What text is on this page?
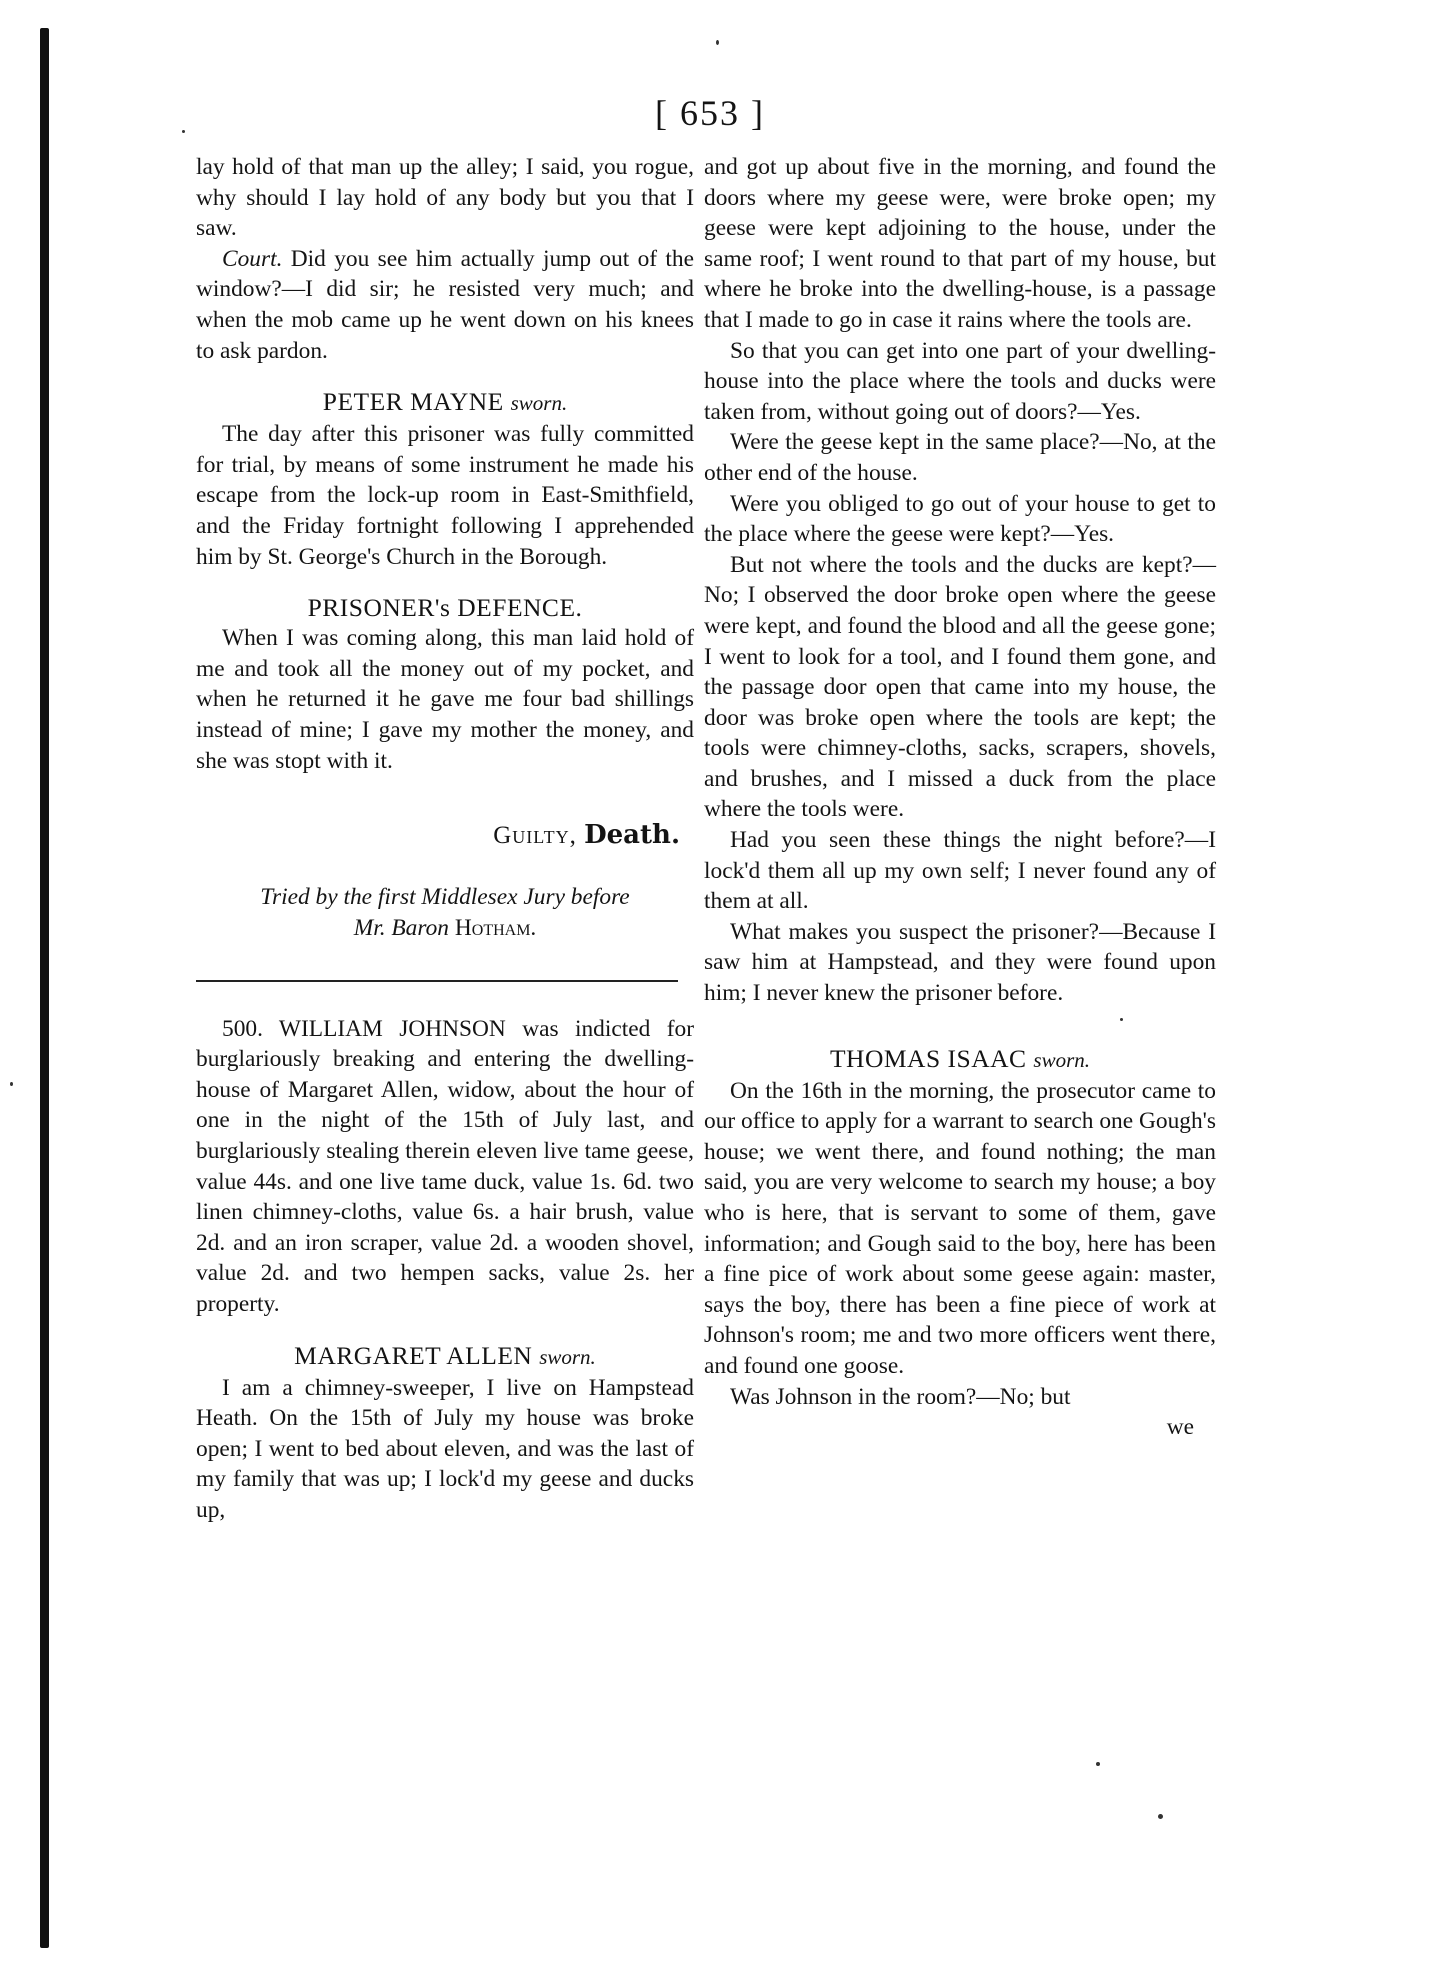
[ 653 ]

lay hold of that man up the alley; I said, you rogue, why should I lay hold of any body but you that I saw.

Court. Did you see him actually jump out of the window?—I did sir; he resisted very much; and when the mob came up he went down on his knees to ask pardon.

PETER MAYNE sworn.

The day after this prisoner was fully committed for trial, by means of some instrument he made his escape from the lock-up room in East-Smithfield, and the Friday fortnight following I apprehended him by St. George's Church in the Borough.

PRISONER's DEFENCE.

When I was coming along, this man laid hold of me and took all the money out of my pocket, and when he returned it he gave me four bad shillings instead of mine; I gave my mother the money, and she was stopt with it.

Guilty, Death.

Tried by the first Middlesex Jury before
Mr. Baron Hotham.

500. WILLIAM JOHNSON was indicted for burglariously breaking and entering the dwelling-house of Margaret Allen, widow, about the hour of one in the night of the 15th of July last, and burglariously stealing therein eleven live tame geese, value 44s. and one live tame duck, value 1s. 6d. two linen chimney-cloths, value 6s. a hair brush, value 2d. and an iron scraper, value 2d. a wooden shovel, value 2d. and two hempen sacks, value 2s. her property.

MARGARET ALLEN sworn.

I am a chimney-sweeper, I live on Hampstead Heath. On the 15th of July my house was broke open; I went to bed about eleven, and was the last of my family that was up; I lock'd my geese and ducks up,

and got up about five in the morning, and found the doors where my geese were, were broke open; my geese were kept adjoining to the house, under the same roof; I went round to that part of my house, but where he broke into the dwelling-house, is a passage that I made to go in case it rains where the tools are.

So that you can get into one part of your dwelling-house into the place where the tools and ducks were taken from, without going out of doors?—Yes.

Were the geese kept in the same place?—No, at the other end of the house.

Were you obliged to go out of your house to get to the place where the geese were kept?—Yes.

But not where the tools and the ducks are kept?—No; I observed the door broke open where the geese were kept, and found the blood and all the geese gone; I went to look for a tool, and I found them gone, and the passage door open that came into my house, the door was broke open where the tools are kept; the tools were chimney-cloths, sacks, scrapers, shovels, and brushes, and I missed a duck from the place where the tools were.

Had you seen these things the night before?—I lock'd them all up my own self; I never found any of them at all.

What makes you suspect the prisoner?—Because I saw him at Hampstead, and they were found upon him; I never knew the prisoner before.

THOMAS ISAAC sworn.

On the 16th in the morning, the prosecutor came to our office to apply for a warrant to search one Gough's house; we went there, and found nothing; the man said, you are very welcome to search my house; a boy who is here, that is servant to some of them, gave information; and Gough said to the boy, here has been a fine pice of work about some geese again: master, says the boy, there has been a fine piece of work at Johnson's room; me and two more officers went there, and found one goose.

Was Johnson in the room?—No; but

we
